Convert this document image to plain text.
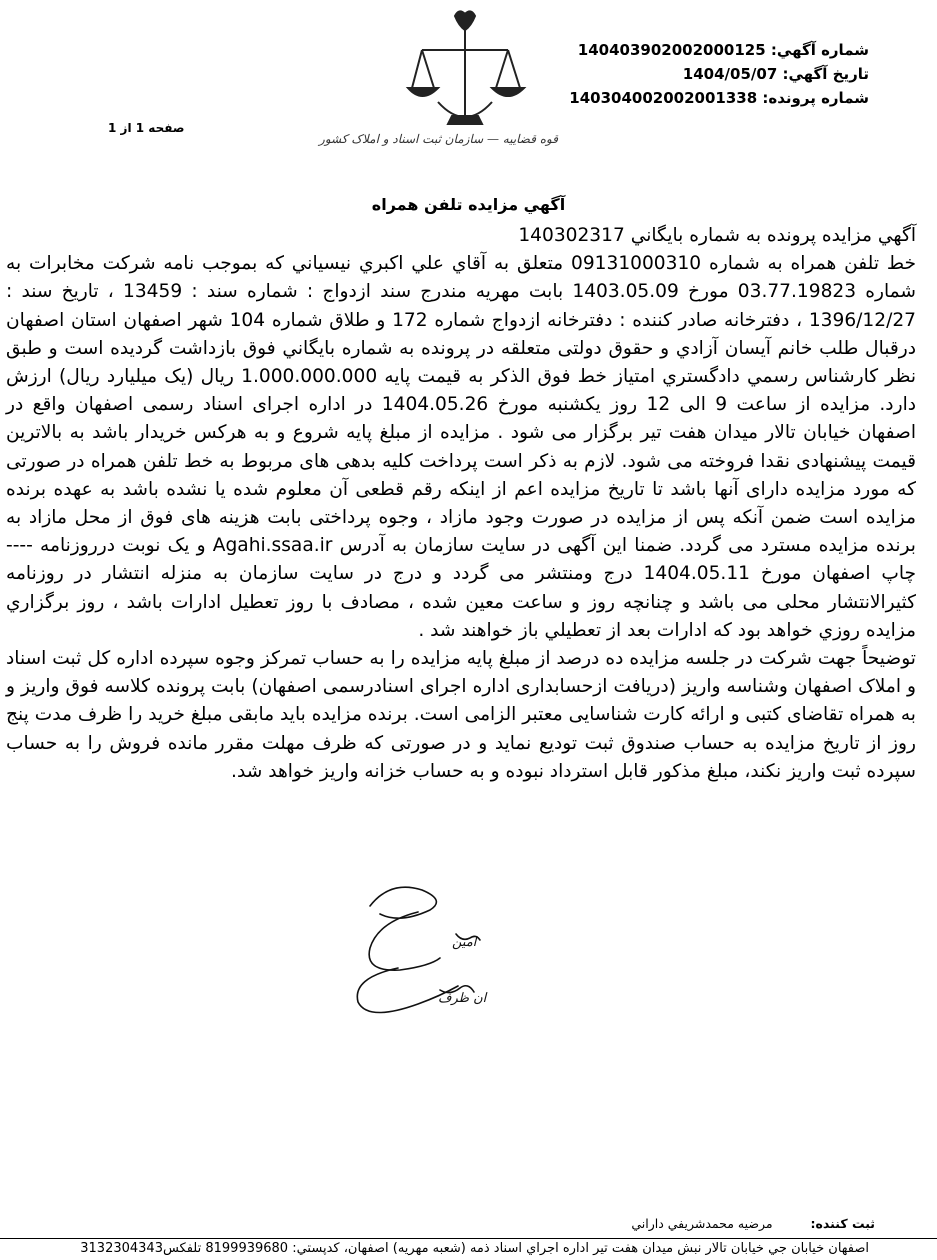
شماره آگهي: 14040390200200012‌5
تاريخ آگهي: 1404/05/07
شماره پرونده: 14030400200200133‌8
قوه قضاییه — سازمان ثبت اسناد و املاک کشور
صفحه 1 از 1
آگهي مزايده تلفن همراه

آگهي مزايده پرونده به شماره بايگاني 140302317

خط تلفن همراه به شماره 09131000310 متعلق به آقاي علي اكبري نيسياني كه بموجب نامه شركت مخابرات به شماره 03.77.19823 مورخ 1403.05.09 بابت مهريه مندرج سند ازدواج : شماره سند : 13459 ، تاريخ سند : 1396/12/27 ، دفترخانه صادر كننده : دفترخانه ازدواج شماره 172 و طلاق شماره 104 شهر اصفهان استان اصفهان درقبال طلب خانم آيسان آزادي و حقوق دولتی متعلقه در پرونده به شماره بايگاني فوق بازداشت گرديده است و طبق نظر كارشناس رسمي دادگستري امتياز خط فوق الذكر به قيمت پايه 1.000.000.000 ريال (يک ميليارد ريال) ارزش دارد. مزايده از ساعت 9 الی 12 روز يكشنبه مورخ 1404.05.26 در اداره اجرای اسناد رسمی اصفهان واقع در اصفهان خيابان تالار ميدان هفت تير برگزار می شود . مزايده از مبلغ پايه شروع و به هركس خريدار باشد به بالاترين قيمت پيشنهادی نقدا فروخته می شود. لازم به ذكر است پرداخت كليه بدهی های مربوط به خط تلفن همراه در صورتی كه مورد مزايده دارای آنها باشد تا تاريخ مزايده اعم از اينكه رقم قطعی آن معلوم شده يا نشده باشد به عهده برنده مزايده است ضمن آنكه پس از مزايده در صورت وجود مازاد ، وجوه پرداختی بابت هزينه های فوق از محل مازاد به برنده مزايده مسترد می گردد. ضمنا اين آگهی در سايت سازمان به آدرس Agahi.ssaa.ir و يک نوبت درروزنامه ---- چاپ اصفهان مورخ 1404.05.11 درج ومنتشر می گردد و درج در سايت سازمان به منزله انتشار در روزنامه كثيرالانتشار محلی می باشد و چنانچه روز و ساعت معين شده ، مصادف با روز تعطيل ادارات باشد ، روز برگزاري مزايده روزي خواهد بود كه ادارات بعد از تعطيلي باز خواهند شد .

توضيحاً جهت شركت در جلسه مزايده ده درصد از مبلغ پايه مزايده را به حساب تمركز وجوه سپرده اداره كل ثبت اسناد و املاک اصفهان وشناسه واريز (دريافت ازحسابداری اداره اجرای اسنادرسمی اصفهان) بابت پرونده كلاسه فوق واريز و به همراه تقاضای كتبی و ارائه كارت شناسايی معتبر الزامی است. برنده مزايده بايد مابقی مبلغ خريد را ظرف مدت پنج روز از تاريخ مزايده به حساب صندوق ثبت توديع نمايد و در صورتی كه ظرف مهلت مقرر مانده فروش را به حساب سپرده ثبت واريز نكند، مبلغ مذكور قابل استرداد نبوده و به حساب خزانه واريز خواهد شد.

امین
ان ظرف
ثبت كننده: مرضيه محمدشريفي داراني
اصفهان خيابان جي خيابان تالار نبش ميدان هفت تير اداره اجراي اسناد ذمه (شعبه مهريه) اصفهان، كدپستي: 8199939680 تلفكس3132304343
